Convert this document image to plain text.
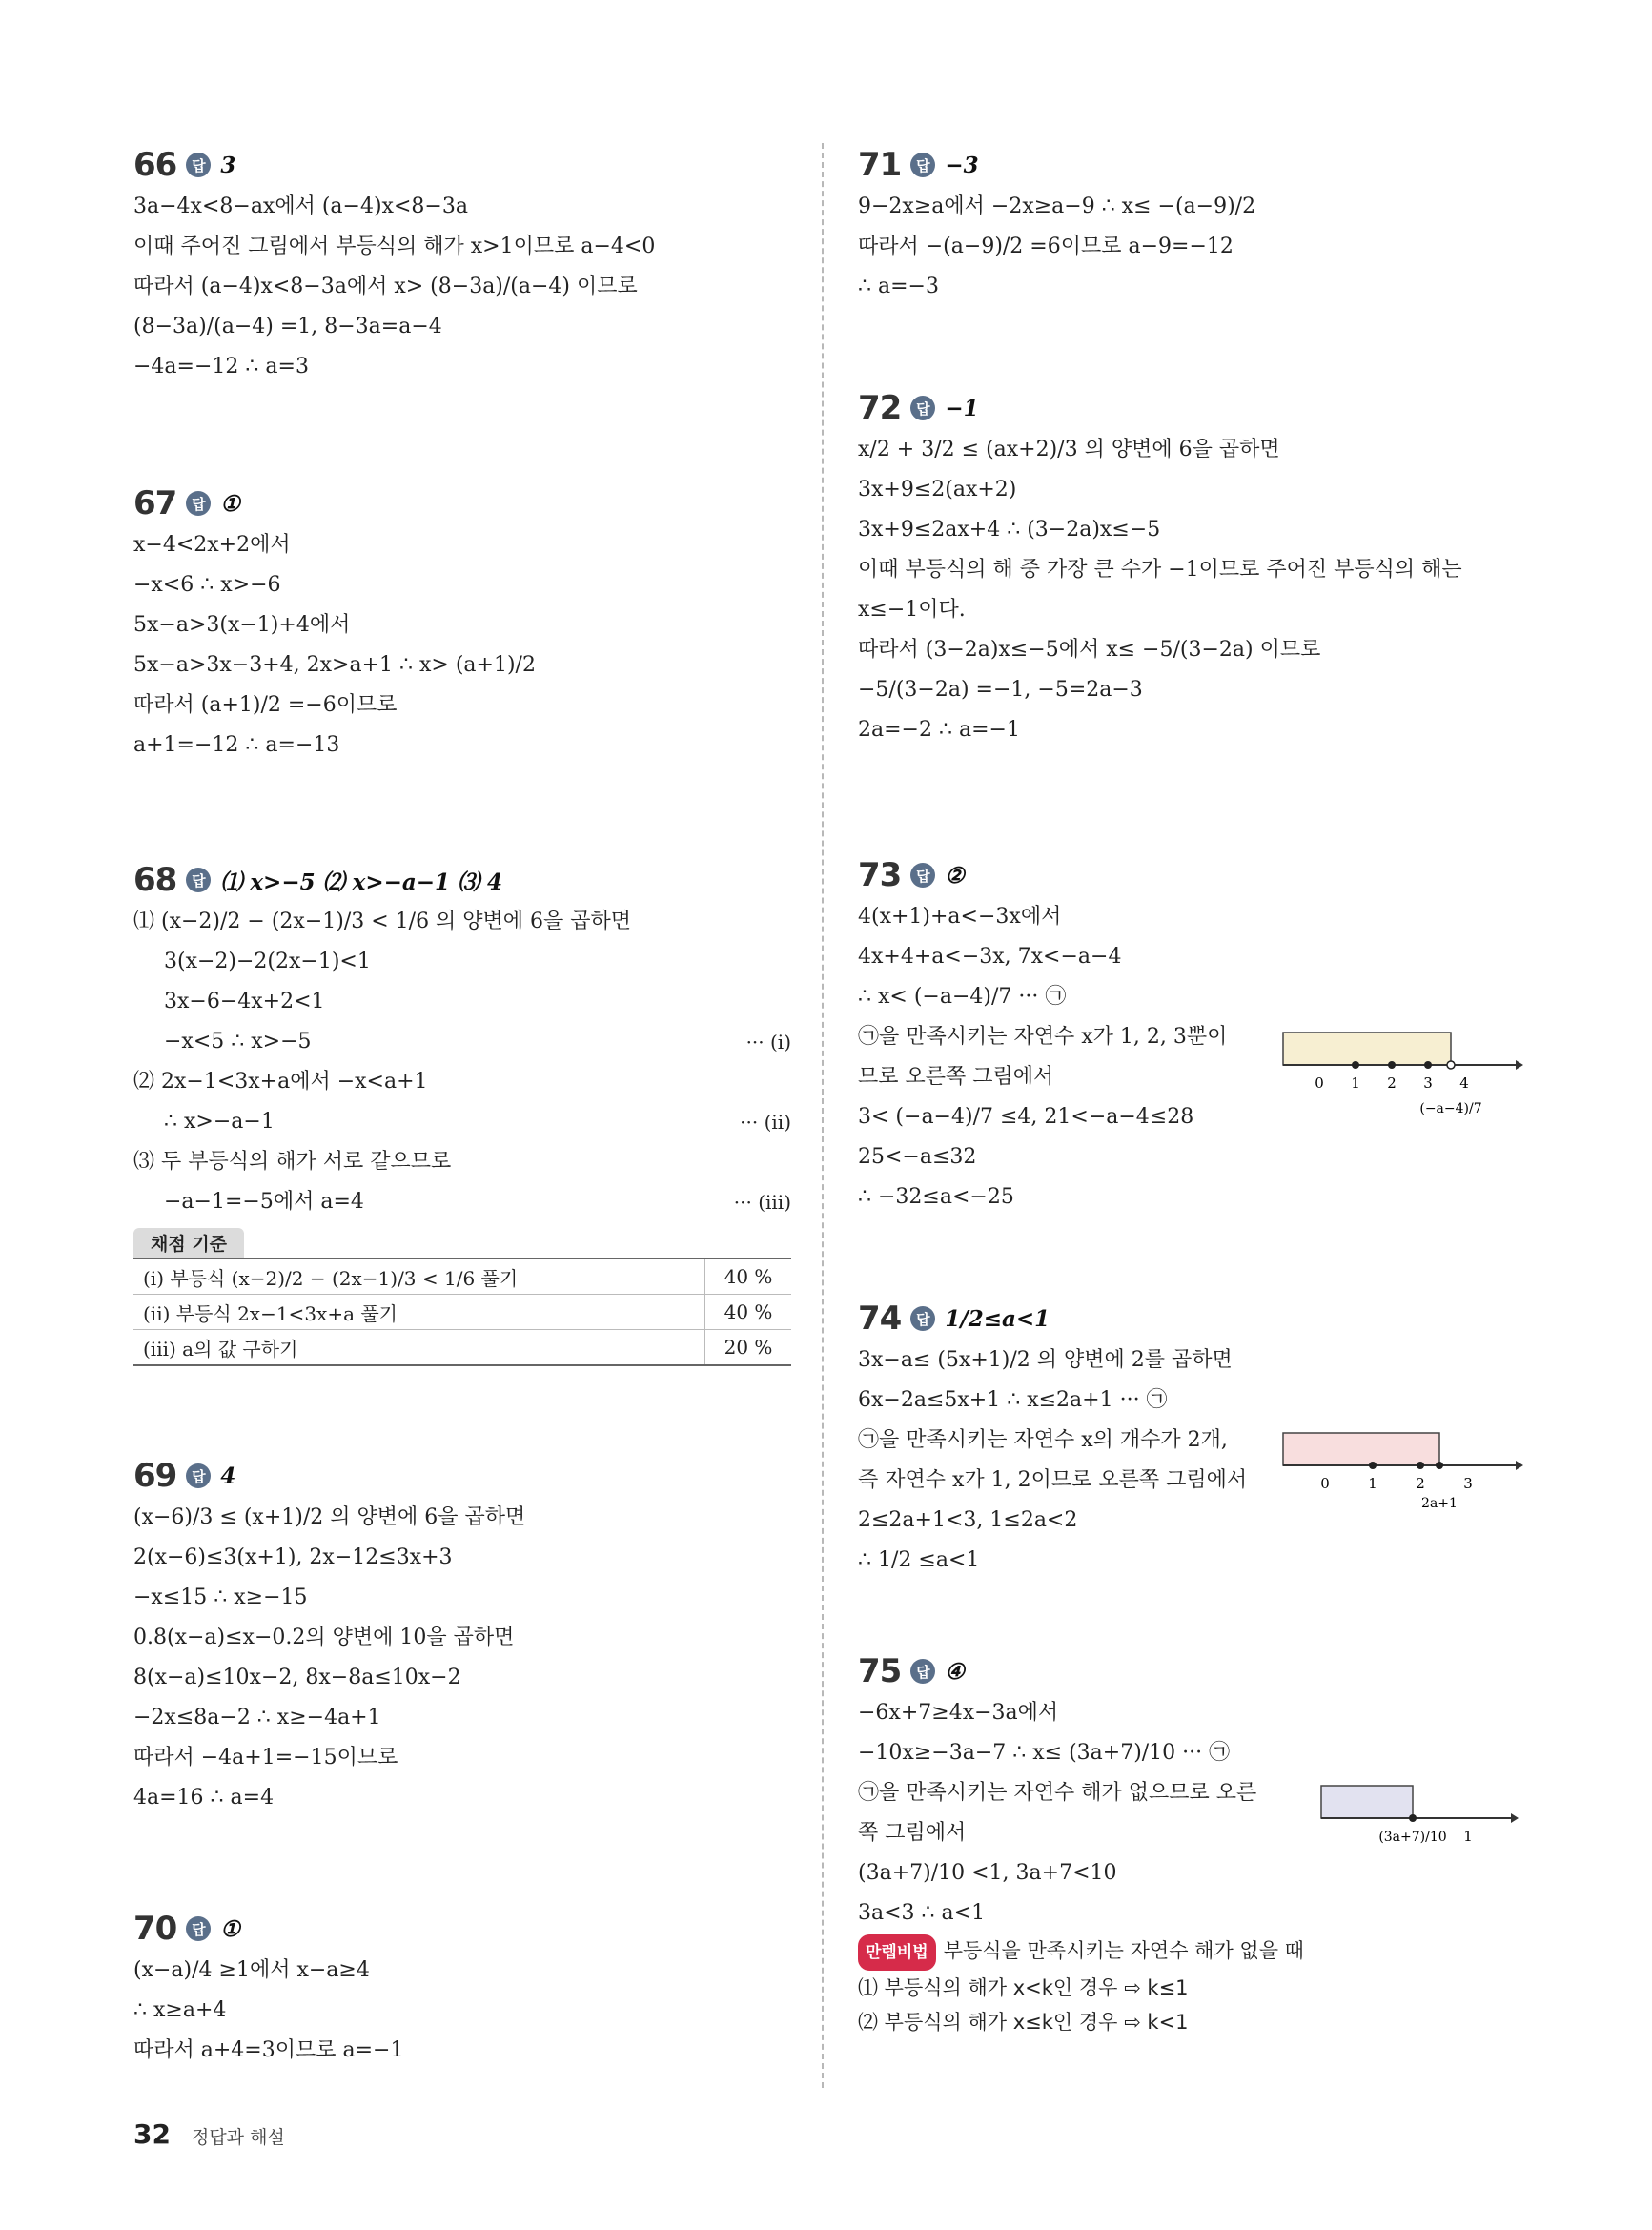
66	답 3
3a−4x<8−ax에서 (a−4)x<8−3a
이때 주어진 그림에서 부등식의 해가 x>1이므로 a−4<0
따라서 (a−4)x<8−3a에서 x> (8−3a)/(a−4) 이므로
(8−3a)/(a−4) =1, 8−3a=a−4
−4a=−12 ∴ a=3
67	답 ①
x−4<2x+2에서
−x<6 ∴ x>−6
5x−a>3(x−1)+4에서
5x−a>3x−3+4, 2x>a+1 ∴ x> (a+1)/2
따라서 (a+1)/2 =−6이므로
a+1=−12 ∴ a=−13
68	답 ⑴ x>−5 ⑵ x>−a−1 ⑶ 4
⑴ (x−2)/2 − (2x−1)/3 < 1/6 의 양변에 6을 곱하면
3(x−2)−2(2x−1)<1
3x−6−4x+2<1
−x<5 ∴ x>−5	··· (i)
⑵ 2x−1<3x+a에서 −x<a+1
∴ x>−a−1	··· (ii)
⑶ 두 부등식의 해가 서로 같으므로
−a−1=−5에서 a=4	··· (iii)
채점 기준
(i) 부등식 (x−2)/2 − (2x−1)/3 < 1/6 풀기	40 %
(ii) 부등식 2x−1<3x+a 풀기	40 %
(iii) a의 값 구하기	20 %
69	답 4
(x−6)/3 ≤ (x+1)/2 의 양변에 6을 곱하면
2(x−6)≤3(x+1), 2x−12≤3x+3
−x≤15 ∴ x≥−15
0.8(x−a)≤x−0.2의 양변에 10을 곱하면
8(x−a)≤10x−2, 8x−8a≤10x−2
−2x≤8a−2 ∴ x≥−4a+1
따라서 −4a+1=−15이므로
4a=16 ∴ a=4
70	답 ①
(x−a)/4 ≥1에서 x−a≥4
∴ x≥a+4
따라서 a+4=3이므로 a=−1
71	답 −3
9−2x≥a에서 −2x≥a−9 ∴ x≤ −(a−9)/2
따라서 −(a−9)/2 =6이므로 a−9=−12
∴ a=−3
72	답 −1
x/2 + 3/2 ≤ (ax+2)/3 의 양변에 6을 곱하면
3x+9≤2(ax+2)
3x+9≤2ax+4 ∴ (3−2a)x≤−5
이때 부등식의 해 중 가장 큰 수가 −1이므로 주어진 부등식의 해는
x≤−1이다.
따라서 (3−2a)x≤−5에서 x≤ −5/(3−2a) 이므로
−5/(3−2a) =−1, −5=2a−3
2a=−2 ∴ a=−1
73	답 ②
4(x+1)+a<−3x에서
4x+4+a<−3x, 7x<−a−4
∴ x< (−a−4)/7 ··· ㉠
㉠을 만족시키는 자연수 x가 1, 2, 3뿐이
므로 오른쪽 그림에서
3< (−a−4)/7 ≤4, 21<−a−4≤28
25<−a≤32
∴ −32≤a<−25
0 1 2 3 4
(−a−4)/7
74	답 1/2≤a<1
3x−a≤ (5x+1)/2 의 양변에 2를 곱하면
6x−2a≤5x+1 ∴ x≤2a+1 ··· ㉠
㉠을 만족시키는 자연수 x의 개수가 2개,
즉 자연수 x가 1, 2이므로 오른쪽 그림에서
2≤2a+1<3, 1≤2a<2
∴ 1/2 ≤a<1
0	1	2	3
2a+1
75	답 ④
−6x+7≥4x−3a에서
−10x≥−3a−7 ∴ x≤ (3a+7)/10 ··· ㉠
㉠을 만족시키는 자연수 해가 없으므로 오른
쪽 그림에서
(3a+7)/10 <1, 3a+7<10
3a<3 ∴ a<1
만렙비법 부등식을 만족시키는 자연수 해가 없을 때
⑴ 부등식의 해가 x<k인 경우 ⇨ k≤1
⑵ 부등식의 해가 x≤k인 경우 ⇨ k<1
(3a+7)/10 1
32 정답과 해설
